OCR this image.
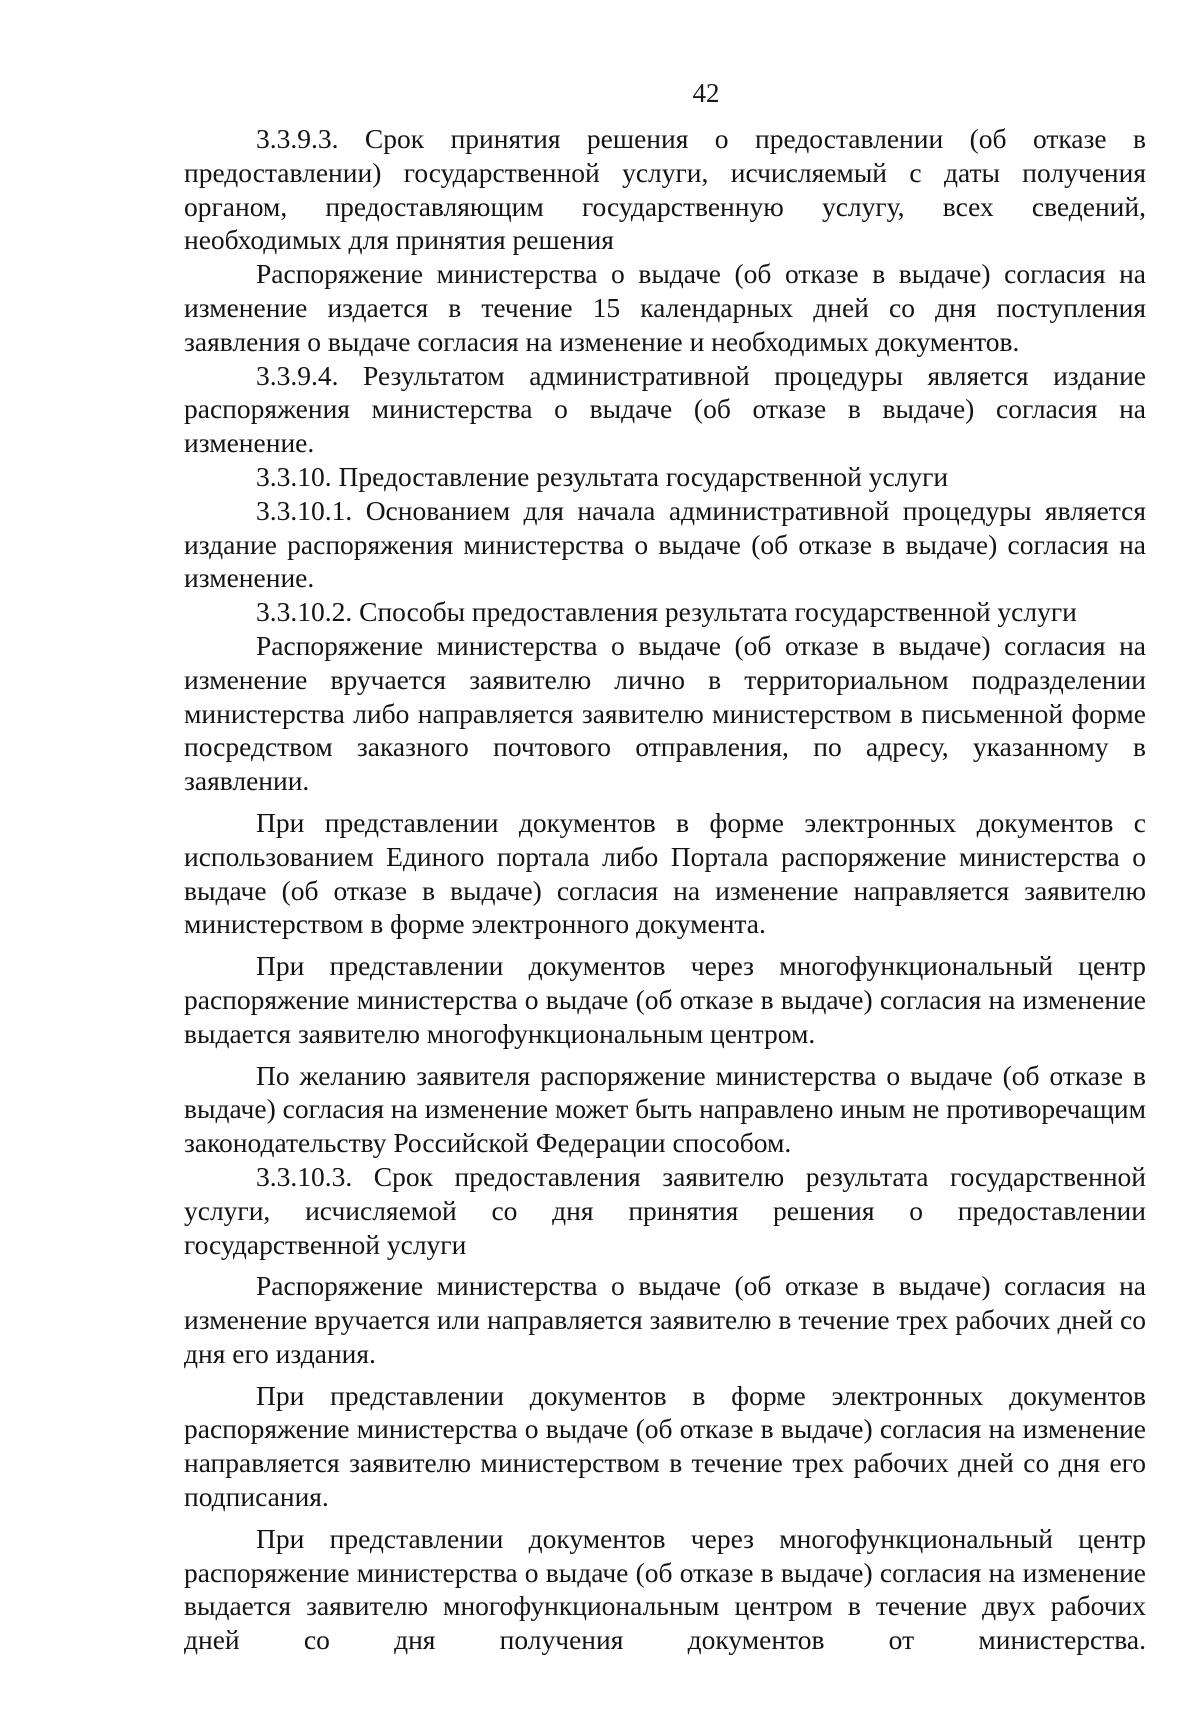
42

3.3.9.3. Срок принятия решения о предоставлении (об отказе в предоставлении) государственной услуги, исчисляемый с даты получения органом, предоставляющим государственную услугу, всех сведений, необходимых для принятия решения

Распоряжение министерства о выдаче (об отказе в выдаче) согласия на изменение издается в течение 15 календарных дней со дня поступления заявления о выдаче согласия на изменение и необходимых документов.

3.3.9.4. Результатом административной процедуры является издание распоряжения министерства о выдаче (об отказе в выдаче) согласия на изменение.

3.3.10. Предоставление результата государственной услуги

3.3.10.1. Основанием для начала административной процедуры является издание распоряжения министерства о выдаче (об отказе в выдаче) согласия на изменение.

3.3.10.2. Способы предоставления результата государственной услуги

Распоряжение министерства о выдаче (об отказе в выдаче) согласия на изменение вручается заявителю лично в территориальном подразделении министерства либо направляется заявителю министерством в письменной форме посредством заказного почтового отправления, по адресу, указанному в заявлении.

При представлении документов в форме электронных документов с использованием Единого портала либо Портала распоряжение министерства о выдаче (об отказе в выдаче) согласия на изменение направляется заявителю министерством в форме электронного документа.

При представлении документов через многофункциональный центр распоряжение министерства о выдаче (об отказе в выдаче) согласия на изменение выдается заявителю многофункциональным центром.

По желанию заявителя распоряжение министерства о выдаче (об отказе в выдаче) согласия на изменение может быть направлено иным не противоречащим законодательству Российской Федерации способом.

3.3.10.3. Срок предоставления заявителю результата государственной услуги, исчисляемой со дня принятия решения о предоставлении государственной услуги

Распоряжение министерства о выдаче (об отказе в выдаче) согласия на изменение вручается или направляется заявителю в течение трех рабочих дней со дня его издания.

При представлении документов в форме электронных документов распоряжение министерства о выдаче (об отказе в выдаче) согласия на изменение направляется заявителю министерством в течение трех рабочих дней со дня его подписания.

При представлении документов через многофункциональный центр распоряжение министерства о выдаче (об отказе в выдаче) согласия на изменение выдается заявителю многофункциональным центром в течение двух рабочих дней со дня получения документов от министерства.
